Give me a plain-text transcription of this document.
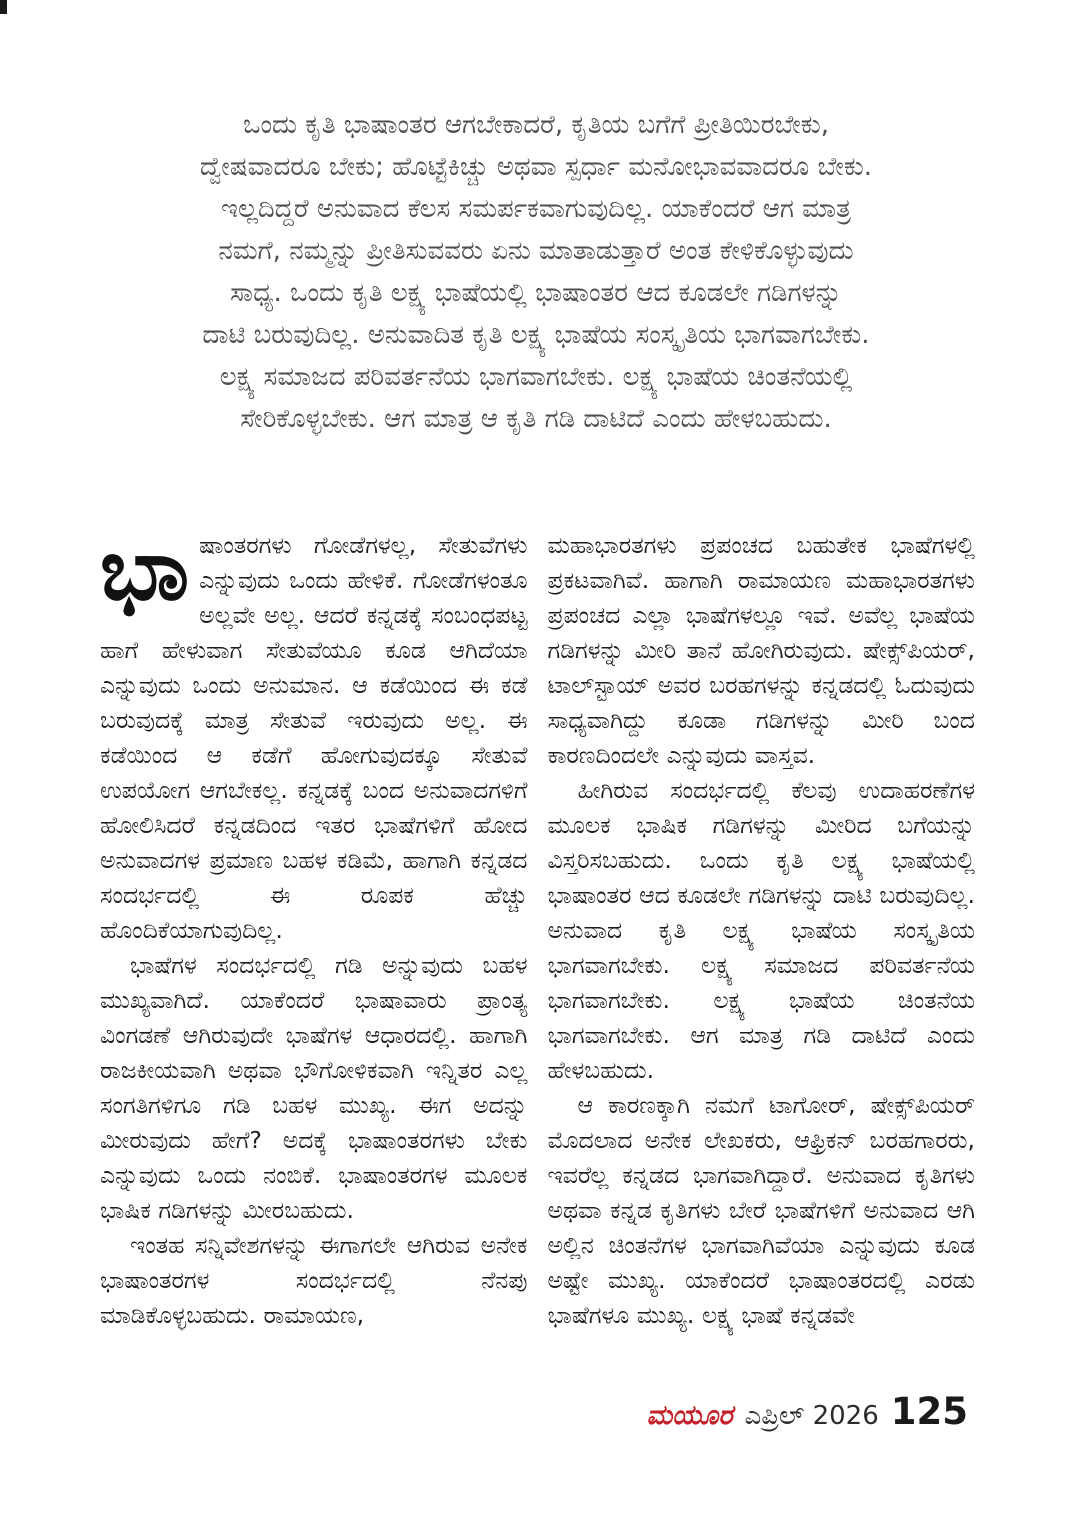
ಒಂದು ಕೃತಿ ಭಾಷಾಂತರ ಆಗಬೇಕಾದರೆ, ಕೃತಿಯ ಬಗೆಗೆ ಪ್ರೀತಿಯಿರಬೇಕು,
ದ್ವೇಷವಾದರೂ ಬೇಕು; ಹೊಟ್ಟೆಕಿಚ್ಚು ಅಥವಾ ಸ್ಪರ್ಧಾ ಮನೋಭಾವವಾದರೂ ಬೇಕು.
ಇಲ್ಲದಿದ್ದರೆ ಅನುವಾದ ಕೆಲಸ ಸಮರ್ಪಕವಾಗುವುದಿಲ್ಲ. ಯಾಕೆಂದರೆ ಆಗ ಮಾತ್ರ
ನಮಗೆ, ನಮ್ಮನ್ನು ಪ್ರೀತಿಸುವವರು ಏನು ಮಾತಾಡುತ್ತಾರೆ ಅಂತ ಕೇಳಿಕೊಳ್ಳುವುದು
ಸಾಧ್ಯ. ಒಂದು ಕೃತಿ ಲಕ್ಷ್ಯ ಭಾಷೆಯಲ್ಲಿ ಭಾಷಾಂತರ ಆದ ಕೂಡಲೇ ಗಡಿಗಳನ್ನು
ದಾಟಿ ಬರುವುದಿಲ್ಲ. ಅನುವಾದಿತ ಕೃತಿ ಲಕ್ಷ್ಯ ಭಾಷೆಯ ಸಂಸ್ಕೃತಿಯ ಭಾಗವಾಗಬೇಕು.
ಲಕ್ಷ್ಯ ಸಮಾಜದ ಪರಿವರ್ತನೆಯ ಭಾಗವಾಗಬೇಕು. ಲಕ್ಷ್ಯ ಭಾಷೆಯ ಚಿಂತನೆಯಲ್ಲಿ
ಸೇರಿಕೊಳ್ಳಬೇಕು. ಆಗ ಮಾತ್ರ ಆ ಕೃತಿ ಗಡಿ ದಾಟಿದೆ ಎಂದು ಹೇಳಬಹುದು.

ಭಾಷಾಂತರಗಳು ಗೋಡೆಗಳಲ್ಲ, ಸೇತುವೆಗಳು ಎನ್ನುವುದು ಒಂದು ಹೇಳಿಕೆ. ಗೋಡೆಗಳಂತೂ ಅಲ್ಲವೇ ಅಲ್ಲ. ಆದರೆ ಕನ್ನಡಕ್ಕೆ ಸಂಬಂಧಪಟ್ಟ ಹಾಗೆ ಹೇಳುವಾಗ ಸೇತುವೆಯೂ ಕೂಡ ಆಗಿದೆಯಾ ಎನ್ನುವುದು ಒಂದು ಅನುಮಾನ. ಆ ಕಡೆಯಿಂದ ಈ ಕಡೆ ಬರುವುದಕ್ಕೆ ಮಾತ್ರ ಸೇತುವೆ ಇರುವುದು ಅಲ್ಲ. ಈ ಕಡೆಯಿಂದ ಆ ಕಡೆಗೆ ಹೋಗುವುದಕ್ಕೂ ಸೇತುವೆ ಉಪಯೋಗ ಆಗಬೇಕಲ್ಲ. ಕನ್ನಡಕ್ಕೆ ಬಂದ ಅನುವಾದಗಳಿಗೆ ಹೋಲಿಸಿದರೆ ಕನ್ನಡದಿಂದ ಇತರ ಭಾಷೆಗಳಿಗೆ ಹೋದ ಅನುವಾದಗಳ ಪ್ರಮಾಣ ಬಹಳ ಕಡಿಮೆ, ಹಾಗಾಗಿ ಕನ್ನಡದ ಸಂದರ್ಭದಲ್ಲಿ ಈ ರೂಪಕ ಹೆಚ್ಚು ಹೊಂದಿಕೆಯಾಗುವುದಿಲ್ಲ.

ಭಾಷೆಗಳ ಸಂದರ್ಭದಲ್ಲಿ ಗಡಿ ಅನ್ನುವುದು ಬಹಳ ಮುಖ್ಯವಾಗಿದೆ. ಯಾಕೆಂದರೆ ಭಾಷಾವಾರು ಪ್ರಾಂತ್ಯ ವಿಂಗಡಣೆ ಆಗಿರುವುದೇ ಭಾಷೆಗಳ ಆಧಾರದಲ್ಲಿ. ಹಾಗಾಗಿ ರಾಜಕೀಯವಾಗಿ ಅಥವಾ ಭೌಗೋಳಿಕವಾಗಿ ಇನ್ನಿತರ ಎಲ್ಲ ಸಂಗತಿಗಳಿಗೂ ಗಡಿ ಬಹಳ ಮುಖ್ಯ. ಈಗ ಅದನ್ನು ಮೀರುವುದು ಹೇಗೆ? ಅದಕ್ಕೆ ಭಾಷಾಂತರಗಳು ಬೇಕು ಎನ್ನುವುದು ಒಂದು ನಂಬಿಕೆ. ಭಾಷಾಂತರಗಳ ಮೂಲಕ ಭಾಷಿಕ ಗಡಿಗಳನ್ನು ಮೀರಬಹುದು.

ಇಂತಹ ಸನ್ನಿವೇಶಗಳನ್ನು ಈಗಾಗಲೇ ಆಗಿರುವ ಅನೇಕ ಭಾಷಾಂತರಗಳ ಸಂದರ್ಭದಲ್ಲಿ ನೆನಪು ಮಾಡಿಕೊಳ್ಳಬಹುದು. ರಾಮಾಯಣ,

ಮಹಾಭಾರತಗಳು ಪ್ರಪಂಚದ ಬಹುತೇಕ ಭಾಷೆಗಳಲ್ಲಿ ಪ್ರಕಟವಾಗಿವೆ. ಹಾಗಾಗಿ ರಾಮಾಯಣ ಮಹಾಭಾರತಗಳು ಪ್ರಪಂಚದ ಎಲ್ಲಾ ಭಾಷೆಗಳಲ್ಲೂ ಇವೆ. ಅವೆಲ್ಲ ಭಾಷೆಯ ಗಡಿಗಳನ್ನು ಮೀರಿ ತಾನೆ ಹೋಗಿರುವುದು. ಷೇಕ್ಸ್‌ಪಿಯರ್, ಟಾಲ್‌ಸ್ಟಾಯ್ ಅವರ ಬರಹಗಳನ್ನು ಕನ್ನಡದಲ್ಲಿ ಓದುವುದು ಸಾಧ್ಯವಾಗಿದ್ದು ಕೂಡಾ ಗಡಿಗಳನ್ನು ಮೀರಿ ಬಂದ ಕಾರಣದಿಂದಲೇ ಎನ್ನುವುದು ವಾಸ್ತವ.

ಹೀಗಿರುವ ಸಂದರ್ಭದಲ್ಲಿ ಕೆಲವು ಉದಾಹರಣೆಗಳ ಮೂಲಕ ಭಾಷಿಕ ಗಡಿಗಳನ್ನು ಮೀರಿದ ಬಗೆಯನ್ನು ವಿಸ್ತರಿಸಬಹುದು. ಒಂದು ಕೃತಿ ಲಕ್ಷ್ಯ ಭಾಷೆಯಲ್ಲಿ ಭಾಷಾಂತರ ಆದ ಕೂಡಲೇ ಗಡಿಗಳನ್ನು ದಾಟಿ ಬರುವುದಿಲ್ಲ. ಅನುವಾದ ಕೃತಿ ಲಕ್ಷ್ಯ ಭಾಷೆಯ ಸಂಸ್ಕೃತಿಯ ಭಾಗವಾಗಬೇಕು. ಲಕ್ಷ್ಯ ಸಮಾಜದ ಪರಿವರ್ತನೆಯ ಭಾಗವಾಗಬೇಕು. ಲಕ್ಷ್ಯ ಭಾಷೆಯ ಚಿಂತನೆಯ ಭಾಗವಾಗಬೇಕು. ಆಗ ಮಾತ್ರ ಗಡಿ ದಾಟಿದೆ ಎಂದು ಹೇಳಬಹುದು.

ಆ ಕಾರಣಕ್ಕಾಗಿ ನಮಗೆ ಟಾಗೋರ್, ಷೇಕ್ಸ್‌ಪಿಯರ್ ಮೊದಲಾದ ಅನೇಕ ಲೇಖಕರು, ಆಫ್ರಿಕನ್ ಬರಹಗಾರರು, ಇವರೆಲ್ಲ ಕನ್ನಡದ ಭಾಗವಾಗಿದ್ದಾರೆ. ಅನುವಾದ ಕೃತಿಗಳು ಅಥವಾ ಕನ್ನಡ ಕೃತಿಗಳು ಬೇರೆ ಭಾಷೆಗಳಿಗೆ ಅನುವಾದ ಆಗಿ ಅಲ್ಲಿನ ಚಿಂತನೆಗಳ ಭಾಗವಾಗಿವೆಯಾ ಎನ್ನುವುದು ಕೂಡ ಅಷ್ಟೇ ಮುಖ್ಯ. ಯಾಕೆಂದರೆ ಭಾಷಾಂತರದಲ್ಲಿ ಎರಡು ಭಾಷೆಗಳೂ ಮುಖ್ಯ. ಲಕ್ಷ್ಯ ಭಾಷೆ ಕನ್ನಡವೇ

ಮಯೂರ ಎಪ್ರಿಲ್ 2026 125
